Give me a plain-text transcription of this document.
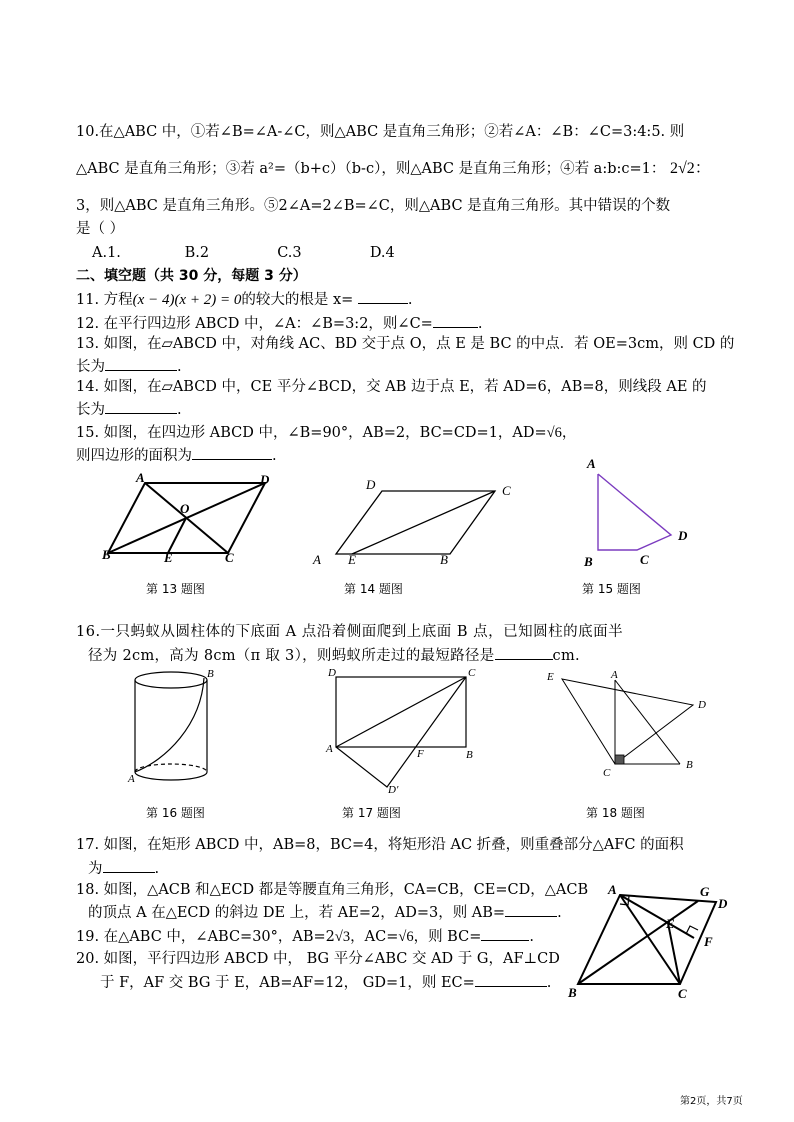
10.在△ABC 中，①若∠B=∠A-∠C，则△ABC 是直角三角形；②若∠A：∠B：∠C=3:4:5. 则
△ABC 是直角三角形；③若 a²=（b+c）（b-c），则△ABC 是直角三角形；④若 a:b:c=1： 2√2：
3，则△ABC 是直角三角形。⑤2∠A=2∠B=∠C，则△ABC 是直角三角形。其中错误的个数
是（ ）
A.1.	B.2	C.3	D.4
二、填空题（共 30 分，每题 3 分）
11. 方程(x − 4)(x + 2) = 0的较大的根是 x=	.
12. 在平行四边形 ABCD 中，∠A：∠B=3:2，则∠C=	.
13. 如图，在▱ABCD 中，对角线 AC、BD 交于点 O，点 E 是 BC 的中点．若 OE=3cm，则 CD 的
长为	.
14. 如图，在▱ABCD 中，CE 平分∠BCD，交 AB 边于点 E，若 AD=6，AB=8，则线段 AE 的
长为	.
15. 如图，在四边形 ABCD 中，∠B=90°，AB=2，BC=CD=1，AD=√6，
则四边形的面积为	.
A	D
O
B	E	C
第 13 题图
D	C
A E	B
第 14 题图
A
D
B	C
第 15 题图
16.一只蚂蚁从圆柱体的下底面 A 点沿着侧面爬到上底面 B 点，已知圆柱的底面半
径为 2cm，高为 8cm（π 取 3），则蚂蚁所走过的最短路径是	cm.
B
A
第 16 题图
D	C
A	F	B
D′
第 17 题图
E	A
D
C
B
第 18 题图
17. 如图，在矩形 ABCD 中，AB=8，BC=4，将矩形沿 AC 折叠，则重叠部分△AFC 的面积
为	.
18. 如图，△ACB 和△ECD 都是等腰直角三角形，CA=CB，CE=CD，△ACB
的顶点 A 在△ECD 的斜边 DE 上，若 AE=2，AD=3，则 AB=	.
19. 在△ABC 中，∠ABC=30°，AB=2√3，AC=√6，则 BC=	.
20. 如图，平行四边形 ABCD 中， BG 平分∠ABC 交 AD 于 G，AF⊥CD
于 F，AF 交 BG 于 E，AB=AF=12， GD=1，则 EC=	.
A	G
D
E
F
B	C
第2页，共7页
